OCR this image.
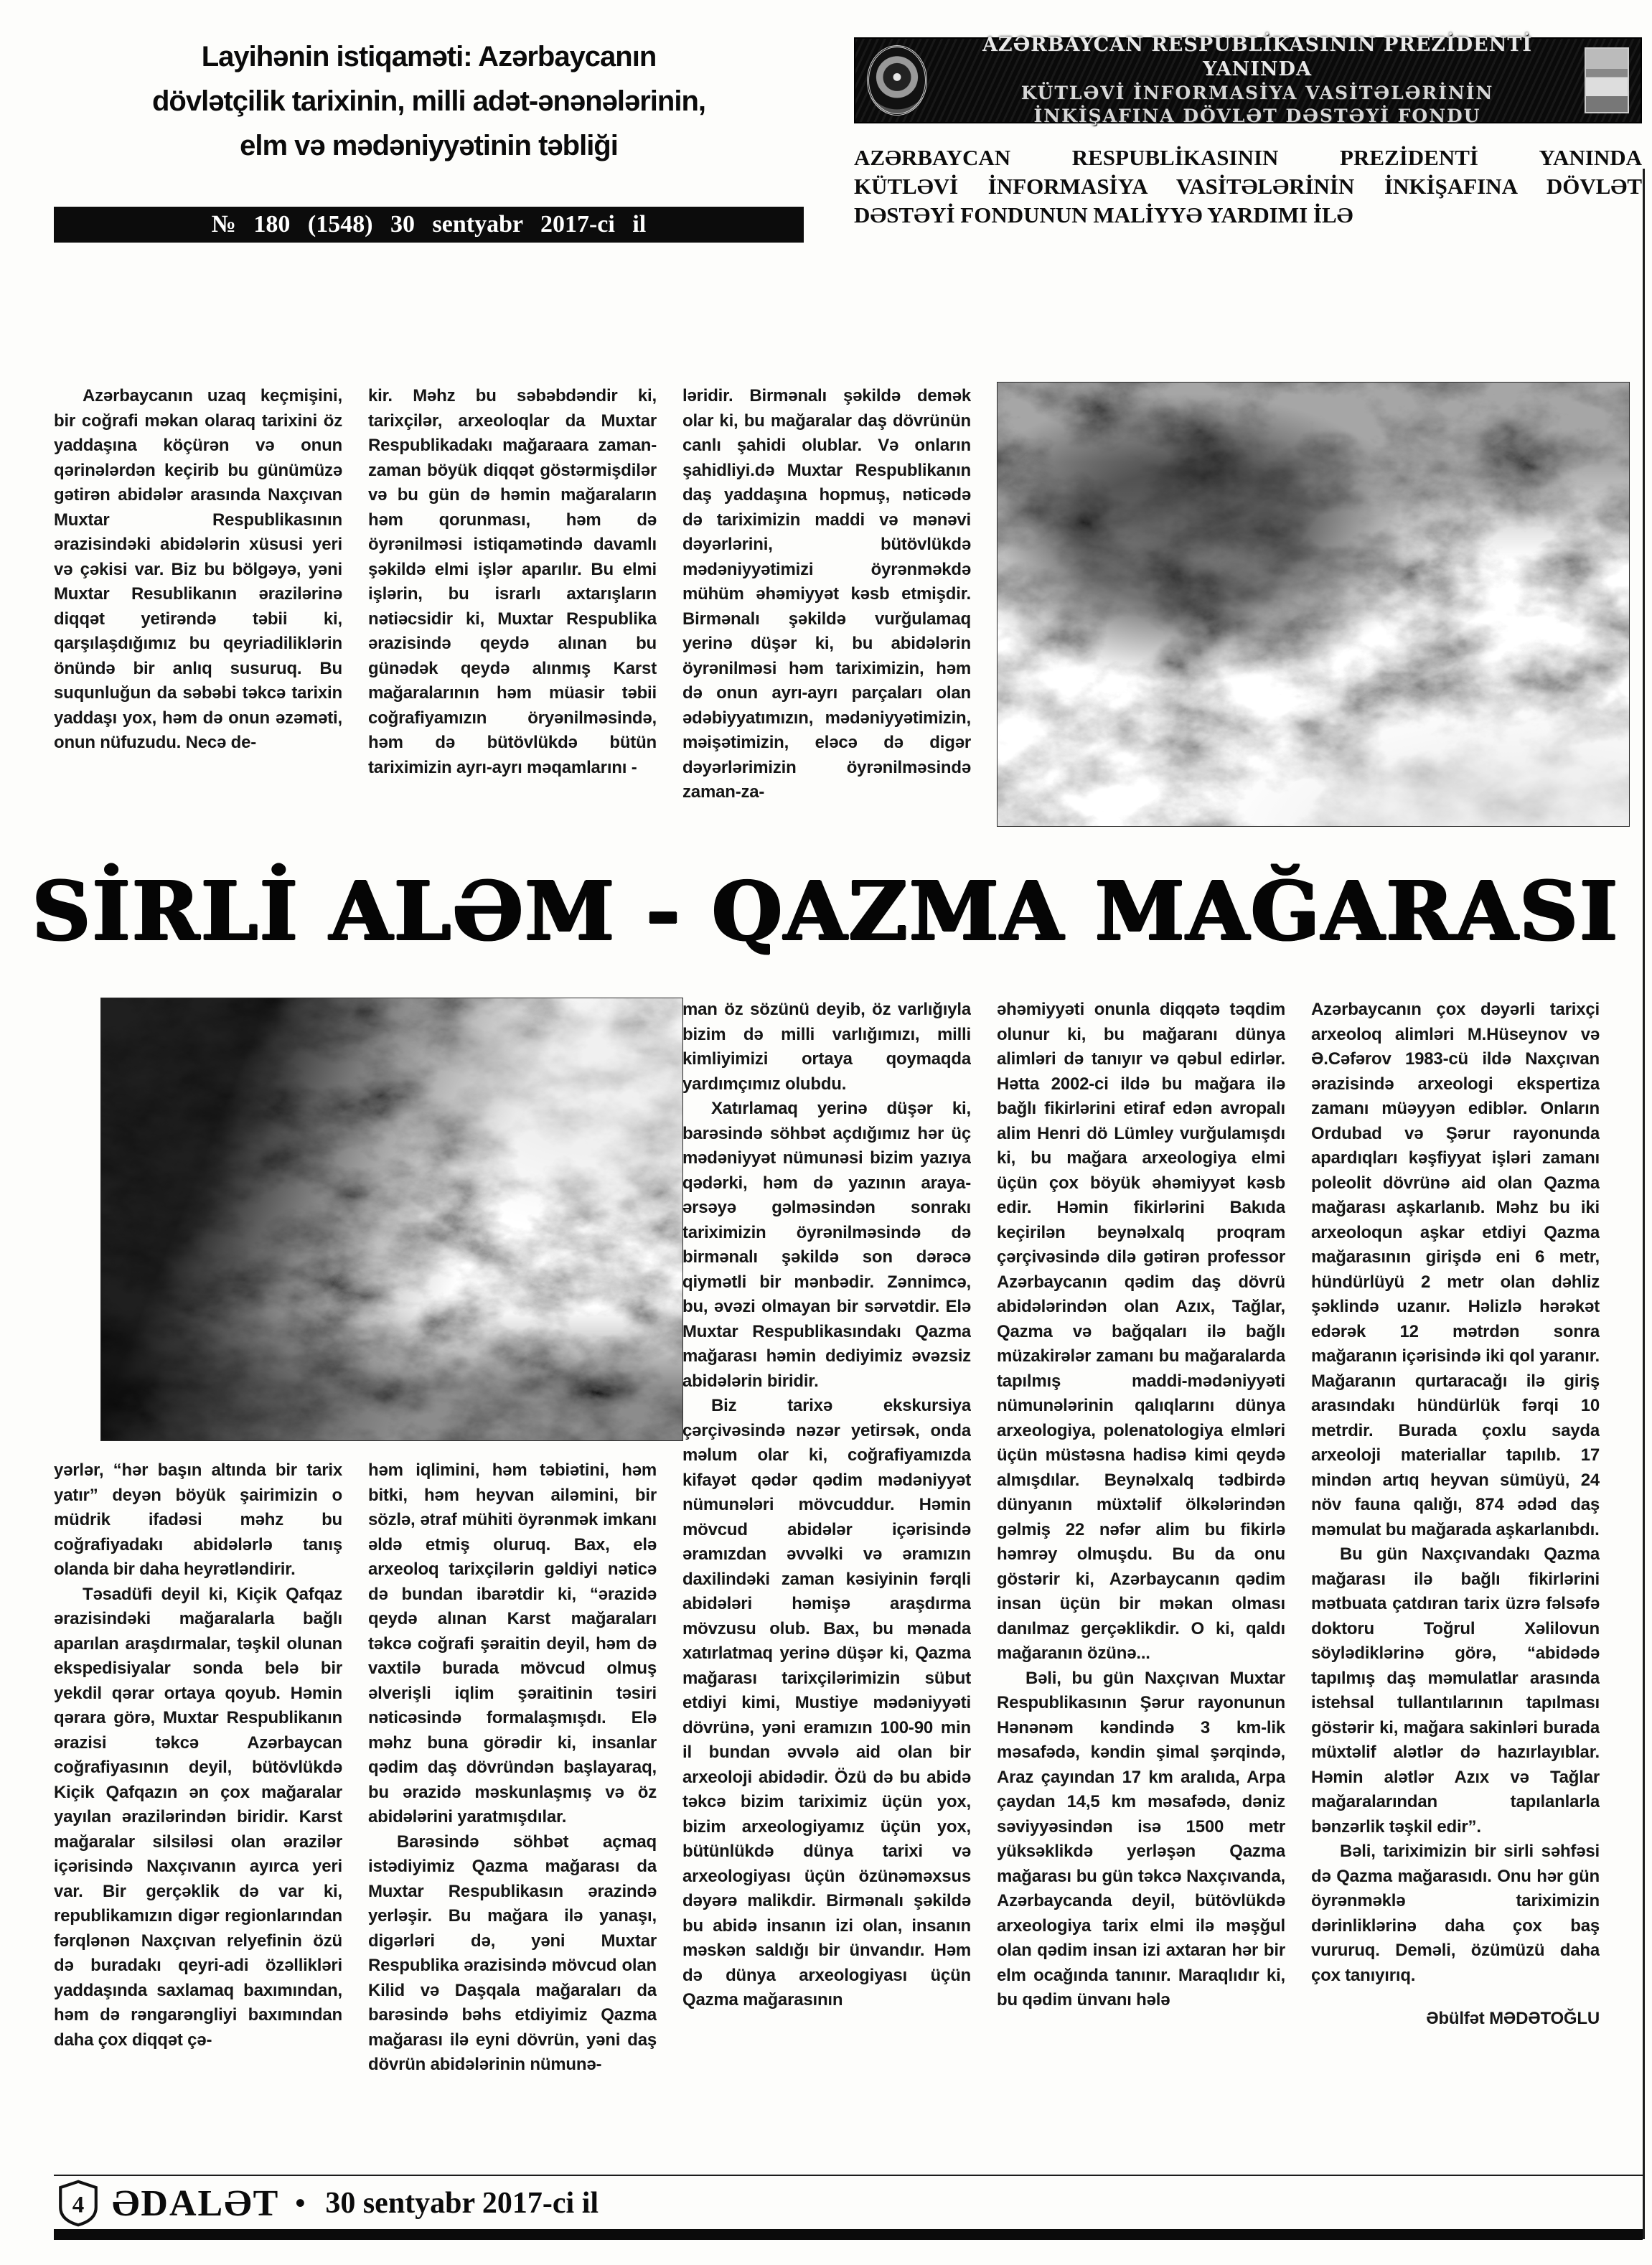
Layihənin istiqaməti: Azərbaycanın
dövlətçilik tarixinin, milli adət-ənənələrinin,
elm və mədəniyyətinin təbliği
№ 180 (1548) 30 sentyabr 2017-ci il
AZƏRBAYCAN RESPUBLİKASININ PREZİDENTİ YANINDA
KÜTLƏVİ İNFORMASİYA VASİTƏLƏRİNİN
İNKİŞAFINA DÖVLƏT DƏSTƏYİ FONDU
AZƏRBAYCAN RESPUBLİKASININ PREZİDENTİ YANINDA
KÜTLƏVİ İNFORMASİYA VASİTƏLƏRİNİN İNKİŞAFINA DÖVLƏT
DƏSTƏYİ FONDUNUN MALİYYƏ YARDIMI İLƏ

Azərbaycanın uzaq keçmişini, bir coğrafi məkan olaraq tarixini öz yaddaşına köçürən və onun qərinələrdən keçirib bu günümüzə gətirən abidələr arasında Naxçıvan Muxtar Respublikasının ərazisindəki abidələrin xüsusi yeri və çəkisi var. Biz bu bölgəyə, yəni Muxtar Resublikanın ərazilərinə diqqət yetirəndə təbii ki, qarşılaşdığımız bu qeyriadiliklərin önündə bir anlıq susuruq. Bu suqunluğun da səbəbi təkcə tarixin yaddaşı yox, həm də onun əzəməti, onun nüfuzudu. Necə de-

kir. Məhz bu səbəbdəndir ki, tarixçilər, arxeoloqlar da Muxtar Respublikadakı mağaraara zaman-zaman böyük diqqət göstərmişdilər və bu gün də həmin mağaraların həm qorunması, həm də öyrənilməsi istiqamətində davamlı şəkildə elmi işlər aparılır. Bu elmi işlərin, bu israrlı axtarışların nətiəcsidir ki, Muxtar Respublika ərazisində qeydə alınan bu günədək qeydə alınmış Karst mağaralarının həm müasir təbii coğrafiyamızın öryənilməsində, həm də bütövlükdə bütün tariximizin ayrı-ayrı məqamlarını -

ləridir. Birmənalı şəkildə demək olar ki, bu mağaralar daş dövrünün canlı şahidi olublar. Və onların şahidliyi.də Muxtar Respublikanın daş yaddaşına hopmuş, nəticədə də tariximizin maddi və mənəvi dəyərlərini, bütövlükdə mədəniyyətimizi öyrənməkdə mühüm əhəmiyyət kəsb etmişdir. Birmənalı şəkildə vurğulamaq yerinə düşər ki, bu abidələrin öyrənilməsi həm tariximizin, həm də onun ayrı-ayrı parçaları olan ədəbiyyatımızın, mədəniyyətimizin, məişətimizin, eləcə də digər dəyərlərimizin öyrənilməsində zaman-za-

SİRLİ ALƏM - QAZMA MAĞARASI

yərlər, “hər başın altında bir tarix yatır” deyən böyük şairimizin o müdrik ifadəsi məhz bu coğrafiyadakı abidələrlə tanış olanda bir daha heyrətləndirir.

Təsadüfi deyil ki, Kiçik Qafqaz ərazisindəki mağaralarla bağlı aparılan araşdırmalar, təşkil olunan ekspedisiyalar sonda belə bir yekdil qərar ortaya qoyub. Həmin qərara görə, Muxtar Respublikanın ərazisi təkcə Azərbaycan coğrafiyasının deyil, bütövlükdə Kiçik Qafqazın ən çox mağaralar yayılan ərazilərindən biridir. Karst mağaralar silsiləsi olan ərazilər içərisində Naxçıvanın ayırca yeri var. Bir gerçəklik də var ki, republikamızın digər regionlarından fərqlənən Naxçıvan relyefinin özü də buradakı qeyri-adi özəllikləri yaddaşında saxlamaq baxımından, həm də rəngarəngliyi baxımından daha çox diqqət çə-

həm iqlimini, həm təbiətini, həm bitki, həm heyvan ailəmini, bir sözlə, ətraf mühiti öyrənmək imkanı əldə etmiş oluruq. Bax, elə arxeoloq tarixçilərin gəldiyi nəticə də bundan ibarətdir ki, “ərazidə qeydə alınan Karst mağaraları təkcə coğrafi şəraitin deyil, həm də vaxtilə burada mövcud olmuş əlverişli iqlim şəraitinin təsiri nəticəsində formalaşmışdı. Elə məhz buna görədir ki, insanlar qədim daş dövründən başlayaraq, bu ərazidə məskunlaşmış və öz abidələrini yaratmışdılar.

Barəsində söhbət açmaq istədiyimiz Qazma mağarası da Muxtar Respublikasın ərazində yerləşir. Bu mağara ilə yanaşı, digərləri də, yəni Muxtar Respublika ərazisində mövcud olan Kilid və Daşqala mağaraları da barəsində bəhs etdiyimiz Qazma mağarası ilə eyni dövrün, yəni daş dövrün abidələrinin nümunə-

man öz sözünü deyib, öz varlığıyla bizim də milli varlığımızı, milli kimliyimizi ortaya qoymaqda yardımçımız olubdu.

Xatırlamaq yerinə düşər ki, barəsində söhbət açdığımız hər üç mədəniyyət nümunəsi bizim yazıya qədərki, həm də yazının araya-ərsəyə gəlməsindən sonrakı tariximizin öyrənilməsində də birmənalı şəkildə son dərəcə qiymətli bir mənbədir. Zənnimcə, bu, əvəzi olmayan bir sərvətdir. Elə Muxtar Respublikasındakı Qazma mağarası həmin dediyimiz əvəzsiz abidələrin biridir.

Biz tarixə ekskursiya çərçivəsində nəzər yetirsək, onda məlum olar ki, coğrafiyamızda kifayət qədər qədim mədəniyyət nümunələri mövcuddur. Həmin mövcud abidələr içərisində əramızdan əvvəlki və əramızın daxilindəki zaman kəsiyinin fərqli abidələri həmişə araşdırma mövzusu olub. Bax, bu mənada xatırlatmaq yerinə düşər ki, Qazma mağarası tarixçilərimizin sübut etdiyi kimi, Mustiye mədəniyyəti dövrünə, yəni eramızın 100-90 min il bundan əvvələ aid olan bir arxeoloji abidədir. Özü də bu abidə təkcə bizim tariximiz üçün yox, bizim arxeologiyamız üçün yox, bütünlükdə dünya tarixi və arxeologiyası üçün özünəməxsus dəyərə malikdir. Birmənalı şəkildə bu abidə insanın izi olan, insanın məskən saldığı bir ünvandır. Həm də dünya arxeologiyası üçün Qazma mağarasının

əhəmiyyəti onunla diqqətə təqdim olunur ki, bu mağaranı dünya alimləri də tanıyır və qəbul edirlər. Hətta 2002-ci ildə bu mağara ilə bağlı fikirlərini etiraf edən avropalı alim Henri dö Lümley vurğulamışdı ki, bu mağara arxeologiya elmi üçün çox böyük əhəmiyyət kəsb edir. Həmin fikirlərini Bakıda keçirilən beynəlxalq proqram çərçivəsində dilə gətirən professor Azərbaycanın qədim daş dövrü abidələrindən olan Azıx, Tağlar, Qazma və bağqaları ilə bağlı müzakirələr zamanı bu mağaralarda tapılmış maddi-mədəniyyəti nümunələrinin qalıqlarını dünya arxeologiya, polenatologiya elmləri üçün müstəsna hadisə kimi qeydə almışdılar. Beynəlxalq tədbirdə dünyanın müxtəlif ölkələrindən gəlmiş 22 nəfər alim bu fikirlə həmrəy olmuşdu. Bu da onu göstərir ki, Azərbaycanın qədim insan üçün bir məkan olması danılmaz gerçəklikdir. O ki, qaldı mağaranın özünə...

Bəli, bu gün Naxçıvan Muxtar Respublikasının Şərur rayonunun Hənənəm kəndində 3 km-lik məsafədə, kəndin şimal şərqində, Araz çayından 17 km aralıda, Arpa çaydan 14,5 km məsafədə, dəniz səviyyəsindən isə 1500 metr yüksəklikdə yerləşən Qazma mağarası bu gün təkcə Naxçıvanda, Azərbaycanda deyil, bütövlükdə arxeologiya tarix elmi ilə məşğul olan qədim insan izi axtaran hər bir elm ocağında tanınır. Maraqlıdır ki, bu qədim ünvanı hələ

Azərbaycanın çox dəyərli tarixçi arxeoloq alimləri M.Hüseynov və Ə.Cəfərov 1983-cü ildə Naxçıvan ərazisində arxeologi ekspertiza zamanı müəyyən ediblər. Onların Ordubad və Şərur rayonunda apardıqları kəşfiyyat işləri zamanı poleolit dövrünə aid olan Qazma mağarası aşkarlanıb. Məhz bu iki arxeoloqun aşkar etdiyi Qazma mağarasının girişdə eni 6 metr, hündürlüyü 2 metr olan dəhliz şəklində uzanır. Həlizlə hərəkət edərək 12 mətrdən sonra mağaranın içərisində iki qol yaranır. Mağaranın qurtaracağı ilə giriş arasındakı hündürlük fərqi 10 metrdir. Burada çoxlu sayda arxeoloji materiallar tapılıb. 17 mindən artıq heyvan sümüyü, 24 növ fauna qalığı, 874 ədəd daş məmulat bu mağarada aşkarlanıbdı.

Bu gün Naxçıvandakı Qazma mağarası ilə bağlı fikirlərini mətbuata çatdıran tarix üzrə fəlsəfə doktoru Toğrul Xəlilovun söylədiklərinə görə, “abidədə tapılmış daş məmulatlar arasında istehsal tullantılarının tapılması göstərir ki, mağara sakinləri burada müxtəlif alətlər də hazırlayıblar. Həmin alətlər Azıx və Tağlar mağaralarından tapılanlarla bənzərlik təşkil edir”.

Bəli, tariximizin bir sirli səhfəsi də Qazma mağarasıdı. Onu hər gün öyrənməklə tariximizin dərinliklərinə daha çox baş vururuq. Deməli, özümüzü daha çox tanıyırıq.

Əbülfət MƏDƏTOĞLU
4 ƏDALƏT • 30 sentyabr 2017-ci il
